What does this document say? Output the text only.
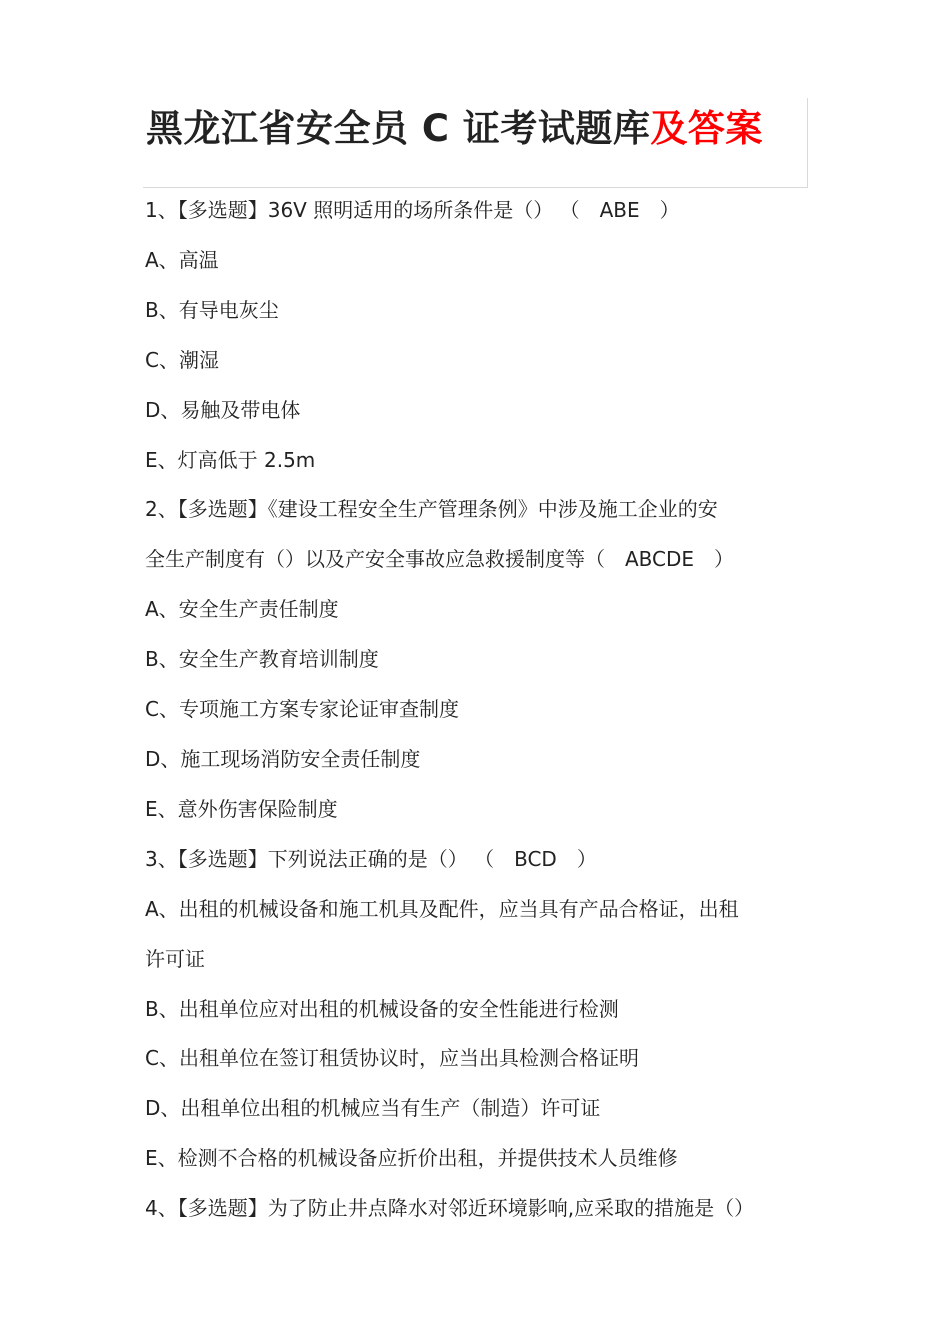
黑龙江省安全员 C 证考试题库及答案
1、【多选题】36V 照明适用的场所条件是（） （　ABE　）
A、高温
B、有导电灰尘
C、潮湿
D、易触及带电体
E、灯高低于 2.5m
2、【多选题】《建设工程安全生产管理条例》中涉及施工企业的安
全生产制度有（）以及产安全事故应急救援制度等（　ABCDE　）
A、安全生产责任制度
B、安全生产教育培训制度
C、专项施工方案专家论证审查制度
D、施工现场消防安全责任制度
E、意外伤害保险制度
3、【多选题】下列说法正确的是（） （　BCD　）
A、出租的机械设备和施工机具及配件，应当具有产品合格证，出租
许可证
B、出租单位应对出租的机械设备的安全性能进行检测
C、出租单位在签订租赁协议时，应当出具检测合格证明
D、出租单位出租的机械应当有生产（制造）许可证
E、检测不合格的机械设备应折价出租，并提供技术人员维修
4、【多选题】为了防止井点降水对邻近环境影响,应采取的措施是（）
